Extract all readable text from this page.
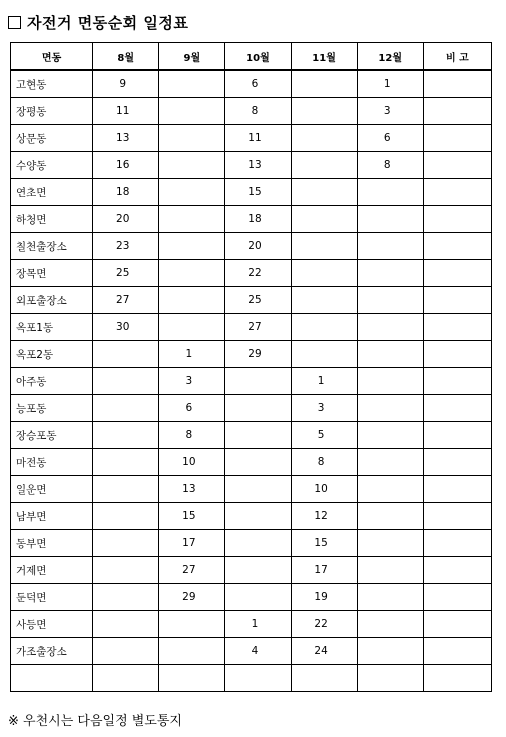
자전거 면동순회 일정표
면동	8월	9월	10월	11월	12월	비 고
고현동	9		6		1	
장평동	11		8		3	
상문동	13		11		6	
수양동	16		13		8	
연초면	18		15			
하청면	20		18			
칠천출장소	23		20			
장목면	25		22			
외포출장소	27		25			
옥포1동	30		27			
옥포2동		1	29			
아주동		3		1		
능포동		6		3		
장승포동		8		5		
마전동		10		8		
일운면		13		10		
남부면		15		12		
동부면		17		15		
거제면		27		17		
둔덕면		29		19		
사등면			1	22		
가조출장소			4	24		

※ 우천시는 다음일정 별도통지
